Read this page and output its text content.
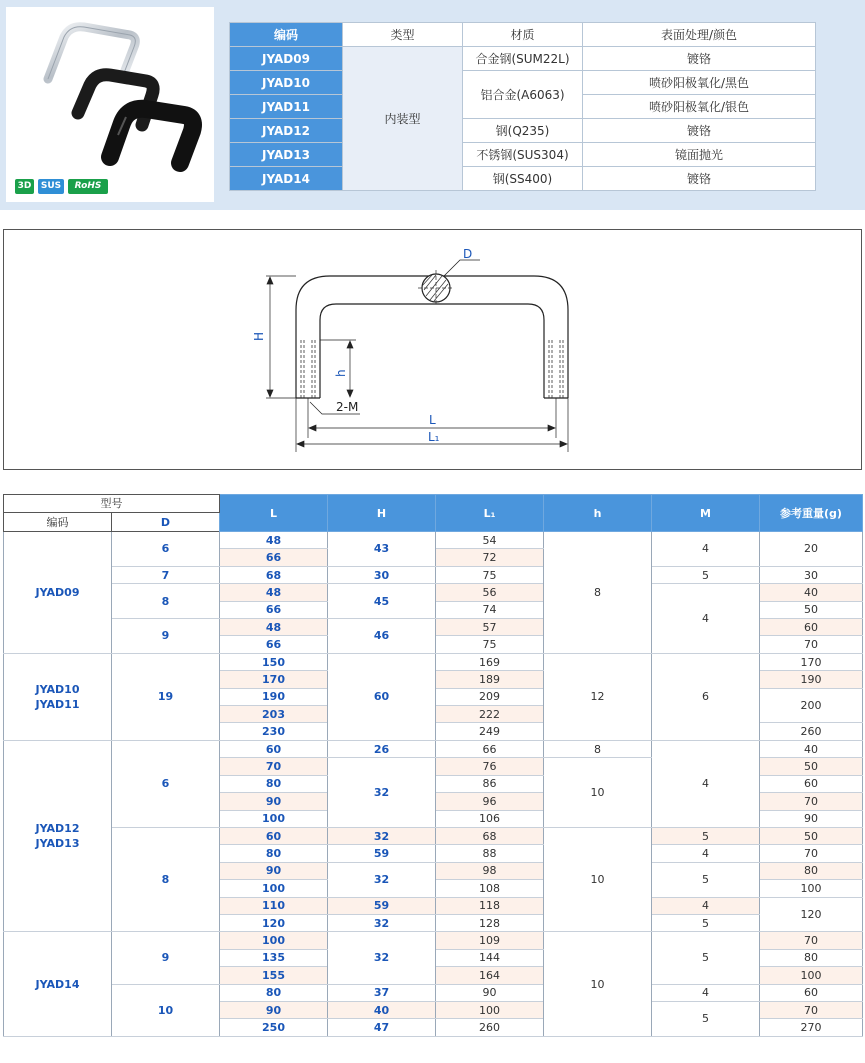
3D	SUS	RoHS
编码	类型	材质	表面处理/颜色
JYAD09	内装型	合金钢(SUM22L)	镀铬
JYAD10		铝合金(A6063)	喷砂阳极氧化/黑色
JYAD11			喷砂阳极氧化/银色
JYAD12		钢(Q235)	镀铬
JYAD13		不锈钢(SUS304)	镜面抛光
JYAD14		钢(SS400)	镀铬
D
H
h
2-M
L
L₁
型号		L	H	L₁	h	M	参考重量(g)
编码	D						
JYAD09	6	48	43	54	8	4	20
		66		72			
	7	68	30	75		5	30
	8	48	45	56		4	40
		66		74			50
	9	48	46	57			60
		66		75			70
JYAD10
JYAD11	19	150	60	169	12	6	170
		170		189			190
		190		209			200
		203		222			
		230		249			260
JYAD12
JYAD13	6	60	26	66	8	4	40
		70	32	76	10		50
		80		86			60
		90		96			70
		100		106			90
	8	60	32	68	10	5	50
		80	59	88		4	70
		90	32	98		5	80
		100		108			100
		110	59	118		4	120
		120	32	128		5	
JYAD14	9	100	32	109	10	5	70
		135		144			80
		155		164			100
	10	80	37	90		4	60
		90	40	100		5	70
		250	47	260			270
